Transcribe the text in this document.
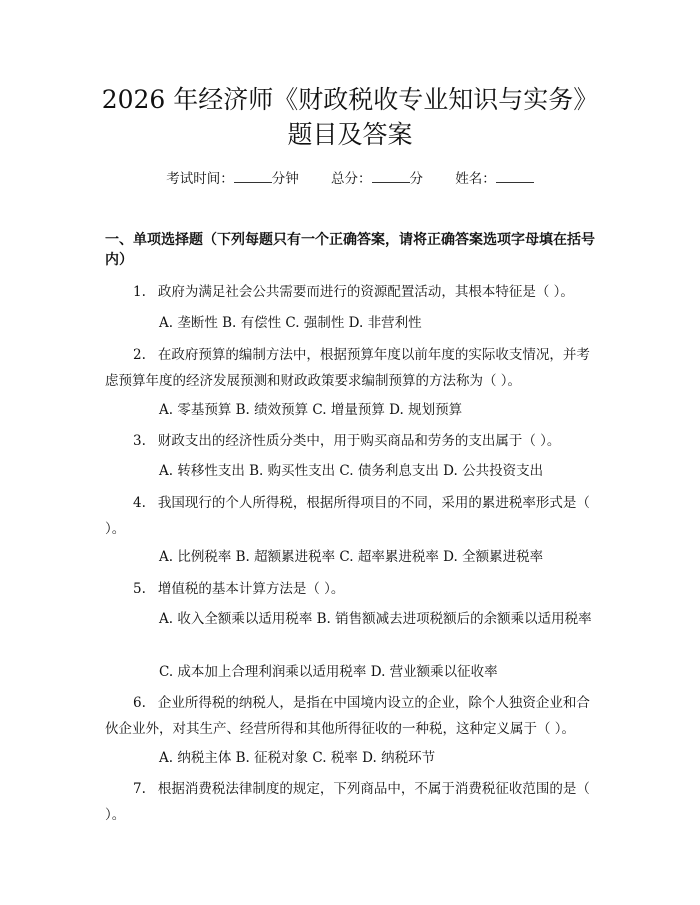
2026 年经济师《财政税收专业知识与实务》
题目及答案
考试时间：	分钟 总分：	分 姓名：
一、单项选择题（下列每题只有一个正确答案，请将正确答案选项字母填在括号内）
1. 政府为满足社会公共需要而进行的资源配置活动，其根本特征是（ ）。
A. 垄断性 B. 有偿性 C. 强制性 D. 非营利性
2. 在政府预算的编制方法中，根据预算年度以前年度的实际收支情况，并考虑预算年度的经济发展预测和财政政策要求编制预算的方法称为（ ）。
A. 零基预算 B. 绩效预算 C. 增量预算 D. 规划预算
3. 财政支出的经济性质分类中，用于购买商品和劳务的支出属于（ ）。
A. 转移性支出 B. 购买性支出 C. 债务利息支出 D. 公共投资支出
4. 我国现行的个人所得税，根据所得项目的不同，采用的累进税率形式是（ ）。
A. 比例税率 B. 超额累进税率 C. 超率累进税率 D. 全额累进税率
5. 增值税的基本计算方法是（ ）。
A. 收入全额乘以适用税率 B. 销售额减去进项税额后的余额乘以适用税率
C. 成本加上合理利润乘以适用税率 D. 营业额乘以征收率
6. 企业所得税的纳税人，是指在中国境内设立的企业，除个人独资企业和合伙企业外，对其生产、经营所得和其他所得征收的一种税，这种定义属于（ ）。
A. 纳税主体 B. 征税对象 C. 税率 D. 纳税环节
7. 根据消费税法律制度的规定，下列商品中，不属于消费税征收范围的是（ ）。
